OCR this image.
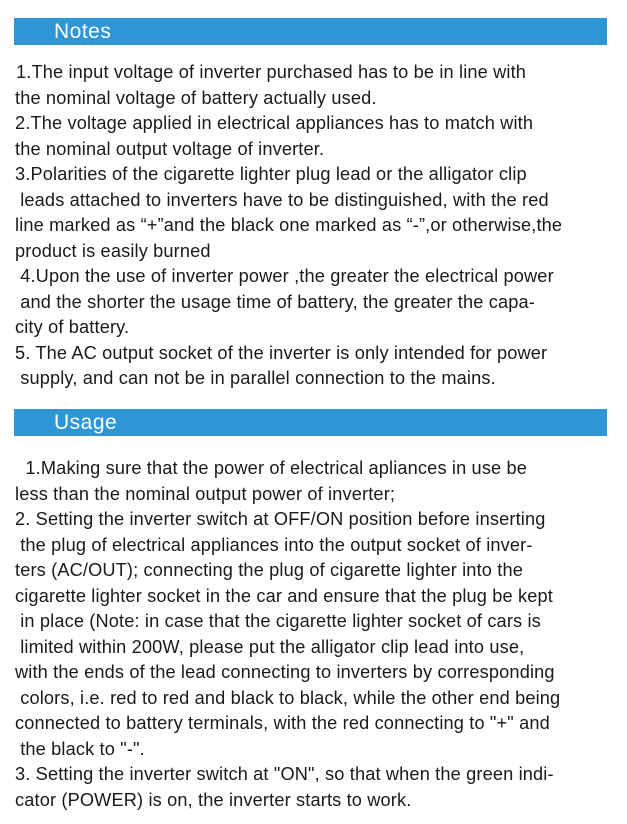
Notes
1.The input voltage of inverter purchased has to be in line with
the nominal voltage of battery actually used.
2.The voltage applied in electrical appliances has to match with
the nominal output voltage of inverter.
3.Polarities of the cigarette lighter plug lead or the alligator clip
leads attached to inverters have to be distinguished, with the red
line marked as “+”and the black one marked as “-”,or otherwise,the
product is easily burned
4.Upon the use of inverter power ,the greater the electrical power
and the shorter the usage time of battery, the greater the capa-
city of battery.
5. The AC output socket of the inverter is only intended for power
supply, and can not be in parallel connection to the mains.
Usage
1.Making sure that the power of electrical apliances in use be
less than the nominal output power of inverter;
2. Setting the inverter switch at OFF/ON position before inserting
the plug of electrical appliances into the output socket of inver-
ters (AC/OUT); connecting the plug of cigarette lighter into the
cigarette lighter socket in the car and ensure that the plug be kept
in place (Note: in case that the cigarette lighter socket of cars is
limited within 200W, please put the alligator clip lead into use,
with the ends of the lead connecting to inverters by corresponding
colors, i.e. red to red and black to black, while the other end being
connected to battery terminals, with the red connecting to "+" and
the black to "-".
3. Setting the inverter switch at "ON", so that when the green indi-
cator (POWER) is on, the inverter starts to work.
